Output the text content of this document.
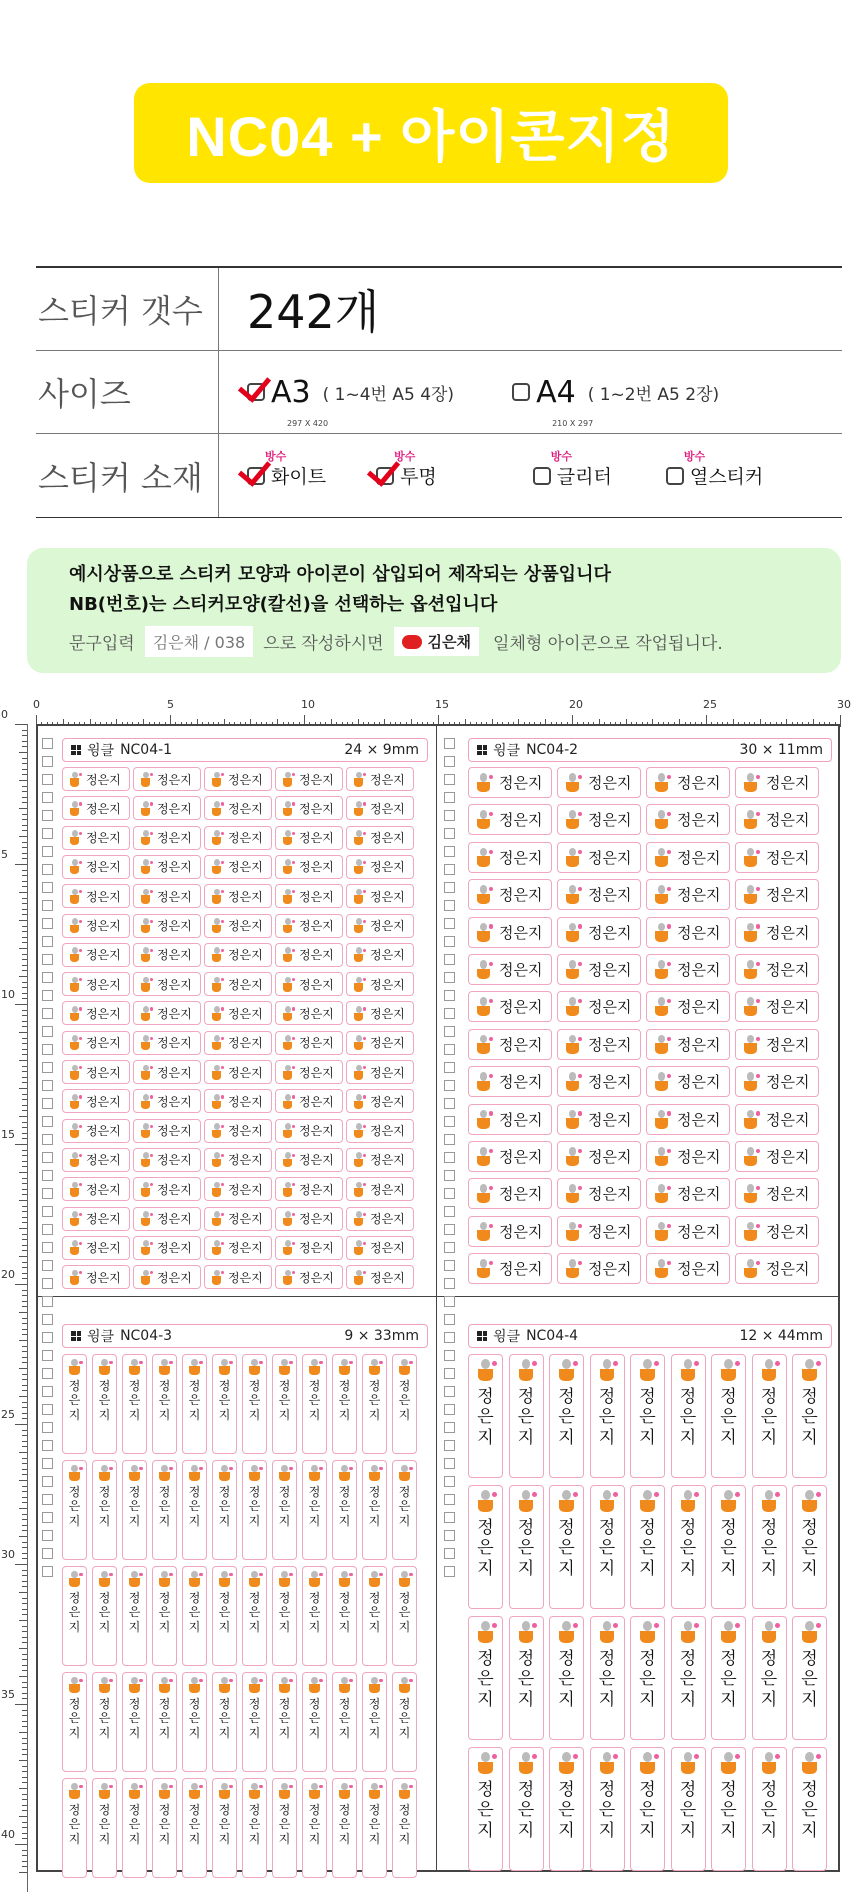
NC04 + 아이콘지정
스티커 갯수 242개
사이즈	A3
297 X 420
( 1~4번 A5 4장)	A4
210 X 297
( 1~2번 A5 2장)
스티커 소재
방수
화이트
방수
투명
방수
글리터
방수
열스티커
예시상품으로 스티커 모양과 아이콘이 삽입되어 제작되는 상품입니다
NB(번호)는 스티커모양(칼선)을 선택하는 옵션입니다
문구입력	김은채 / 038	으로 작성하시면	김은채 일체형 아이콘으로 작업됩니다.
0	5	10	15	20	25	30
0
5
10
15
20
25
30
35
40
윙클 NC04-1	24 × 9mm
정은지	정은지	정은지	정은지	정은지
정은지	정은지	정은지	정은지	정은지
정은지	정은지	정은지	정은지	정은지
정은지	정은지	정은지	정은지	정은지
정은지	정은지	정은지	정은지	정은지
정은지	정은지	정은지	정은지	정은지
정은지	정은지	정은지	정은지	정은지
정은지	정은지	정은지	정은지	정은지
정은지	정은지	정은지	정은지	정은지
정은지	정은지	정은지	정은지	정은지
정은지	정은지	정은지	정은지	정은지
정은지	정은지	정은지	정은지	정은지
정은지	정은지	정은지	정은지	정은지
정은지	정은지	정은지	정은지	정은지
정은지	정은지	정은지	정은지	정은지
정은지	정은지	정은지	정은지	정은지
정은지	정은지	정은지	정은지	정은지
정은지	정은지	정은지	정은지	정은지
윙클 NC04-2	30 × 11mm
정은지	정은지	정은지	정은지
정은지	정은지	정은지	정은지
정은지	정은지	정은지	정은지
정은지	정은지	정은지	정은지
정은지	정은지	정은지	정은지
정은지	정은지	정은지	정은지
정은지	정은지	정은지	정은지
정은지	정은지	정은지	정은지
정은지	정은지	정은지	정은지
정은지	정은지	정은지	정은지
정은지	정은지	정은지	정은지
정은지	정은지	정은지	정은지
정은지	정은지	정은지	정은지
정은지	정은지	정은지	정은지
윙클 NC04-3	9 × 33mm
정
은
지
정
은
지
정
은
지
정
은
지
정
은
지
정
은
지
정
은
지
정
은
지
정
은
지
정
은
지
정
은
지
정
은
지
정
은
지
정
은
지
정
은
지
정
은
지
정
은
지
정
은
지
정
은
지
정
은
지
정
은
지
정
은
지
정
은
지
정
은
지
정
은
지
정
은
지
정
은
지
정
은
지
정
은
지
정
은
지
정
은
지
정
은
지
정
은
지
정
은
지
정
은
지
정
은
지
정
은
지
정
은
지
정
은
지
정
은
지
정
은
지
정
은
지
정
은
지
정
은
지
정
은
지
정
은
지
정
은
지
정
은
지
정
은
지
정
은
지
정
은
지
정
은
지
정
은
지
정
은
지
정
은
지
정
은
지
정
은
지
정
은
지
정
은
지
정
은
지
윙클 NC04-4	12 × 44mm
정
은
지
정
은
지
정
은
지
정
은
지
정
은
지
정
은
지
정
은
지
정
은
지
정
은
지
정
은
지
정
은
지
정
은
지
정
은
지
정
은
지
정
은
지
정
은
지
정
은
지
정
은
지
정
은
지
정
은
지
정
은
지
정
은
지
정
은
지
정
은
지
정
은
지
정
은
지
정
은
지
정
은
지
정
은
지
정
은
지
정
은
지
정
은
지
정
은
지
정
은
지
정
은
지
정
은
지
